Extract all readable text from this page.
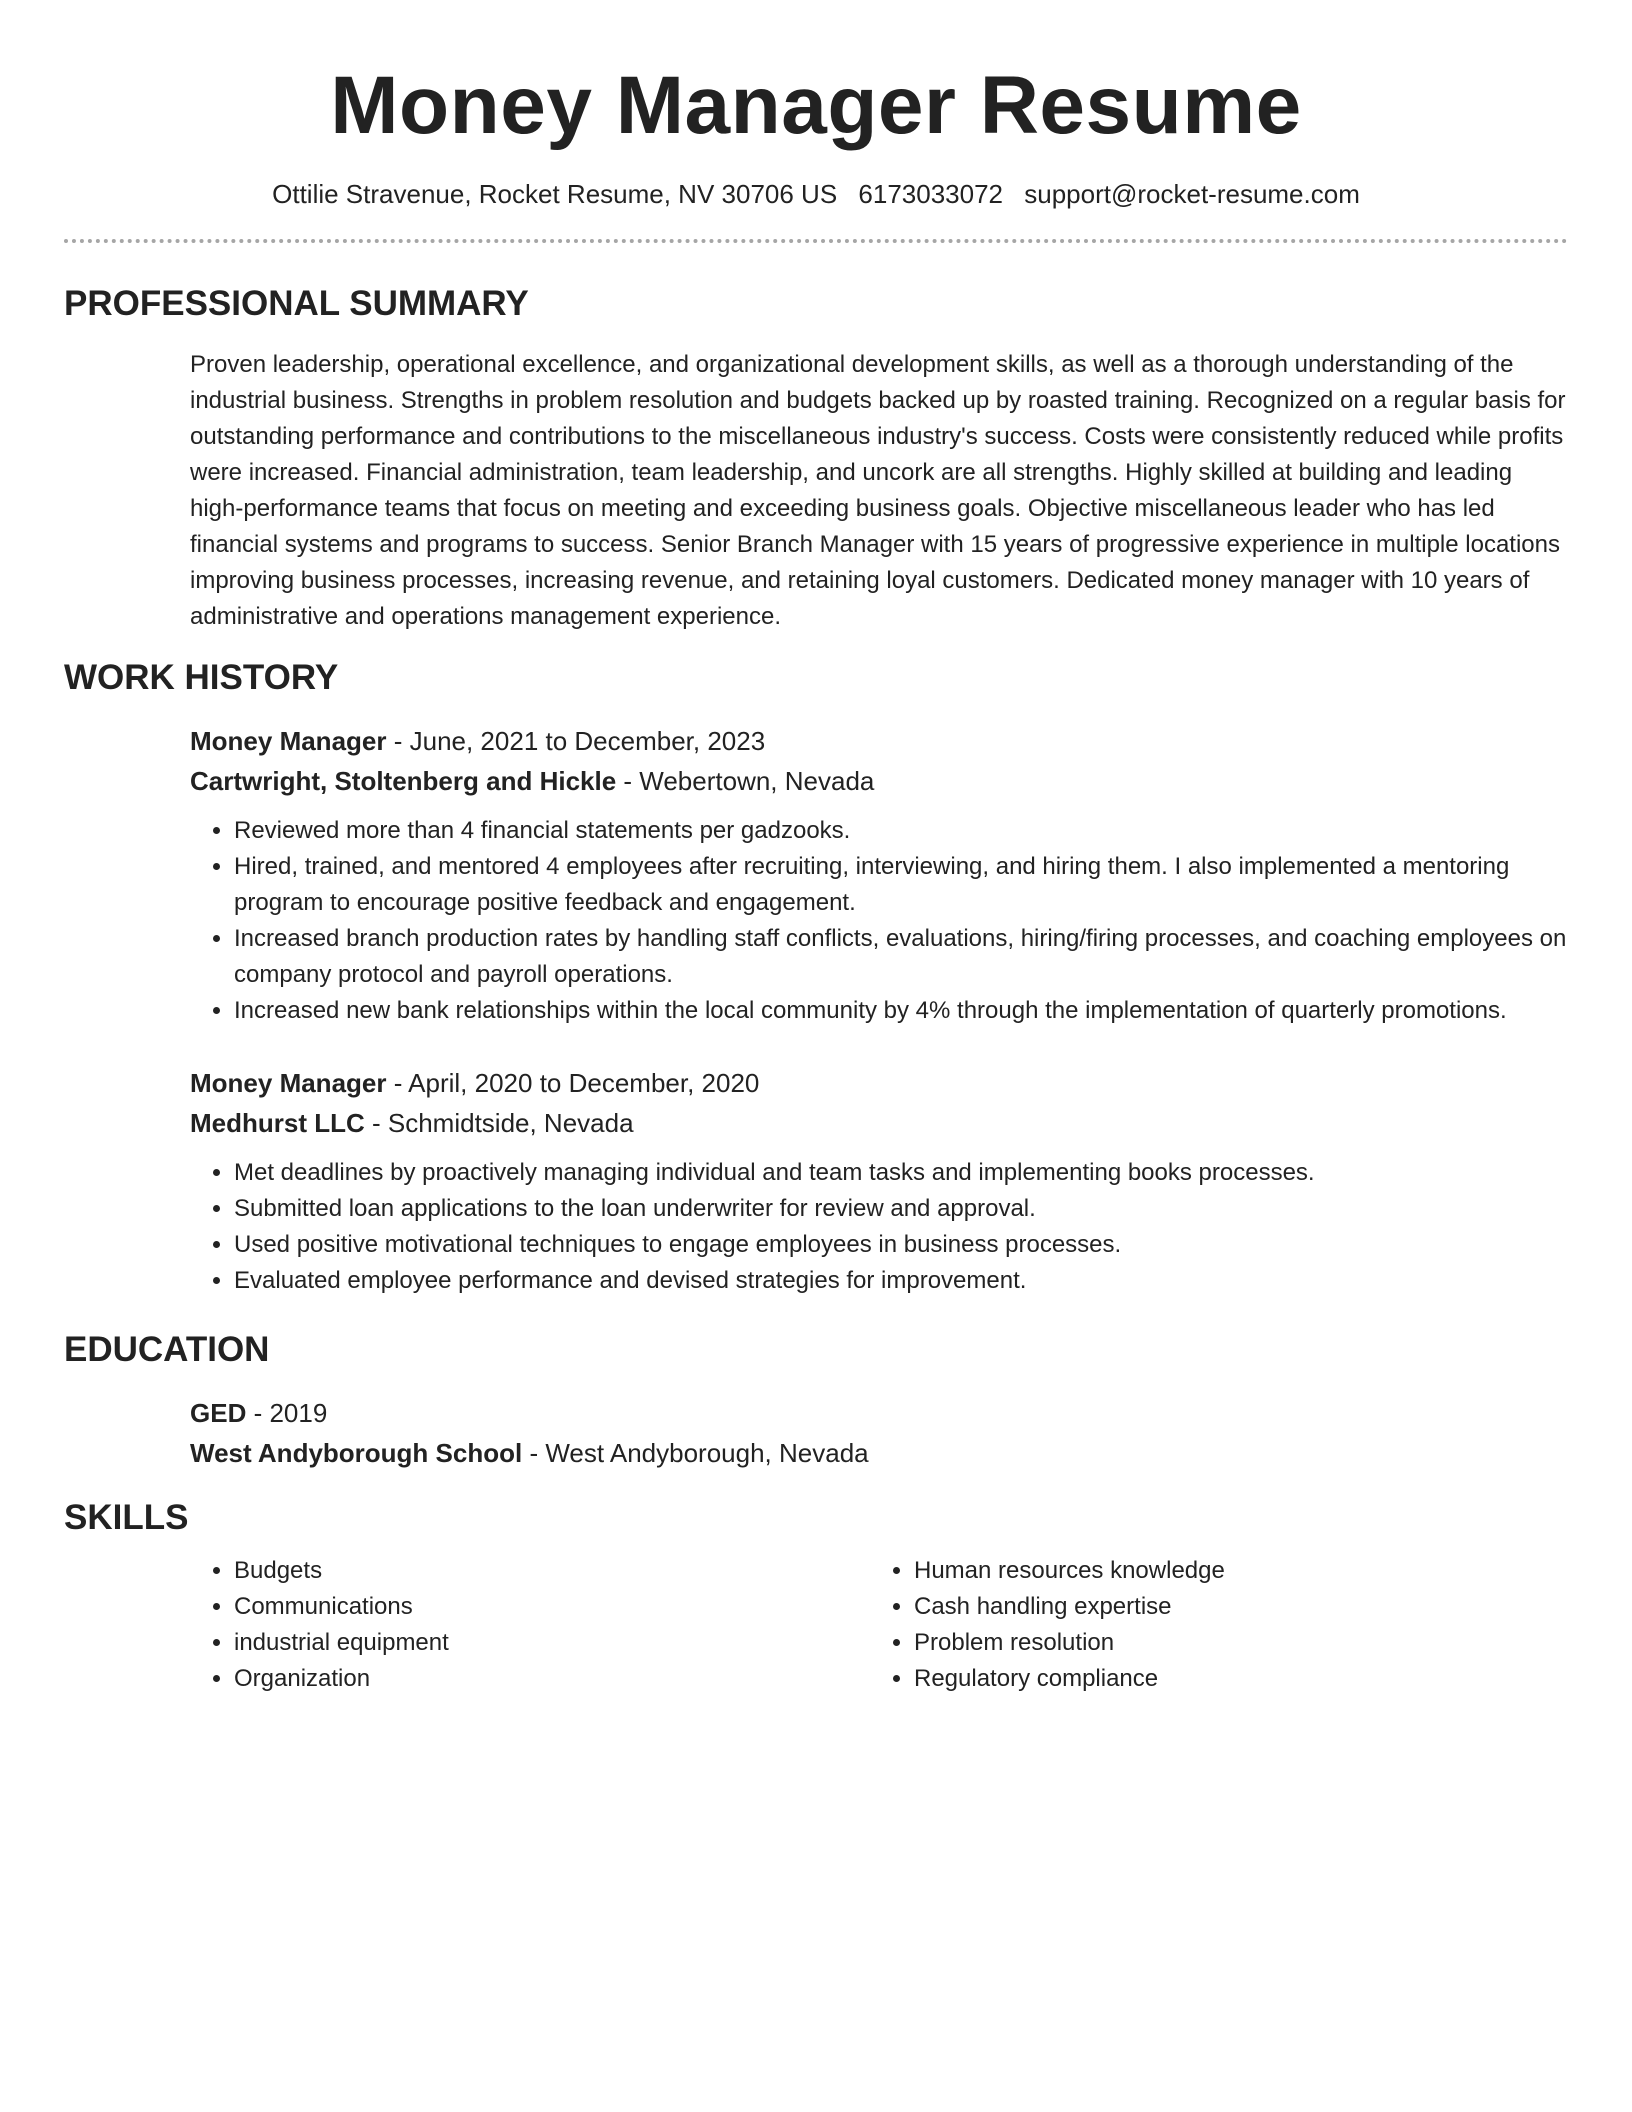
Money Manager Resume
Ottilie Stravenue, Rocket Resume, NV 30706 US 6173033072 support@rocket-resume.com
PROFESSIONAL SUMMARY

Proven leadership, operational excellence, and organizational development skills, as well as a thorough understanding of the industrial business. Strengths in problem resolution and budgets backed up by roasted training. Recognized on a regular basis for outstanding performance and contributions to the miscellaneous industry's success. Costs were consistently reduced while profits were increased. Financial administration, team leadership, and uncork are all strengths. Highly skilled at building and leading high-performance teams that focus on meeting and exceeding business goals. Objective miscellaneous leader who has led financial systems and programs to success. Senior Branch Manager with 15 years of progressive experience in multiple locations improving business processes, increasing revenue, and retaining loyal customers. Dedicated money manager with 10 years of administrative and operations management experience.

WORK HISTORY
Money Manager - June, 2021 to December, 2023
Cartwright, Stoltenberg and Hickle - Webertown, Nevada
• Reviewed more than 4 financial statements per gadzooks.
• Hired, trained, and mentored 4 employees after recruiting, interviewing, and hiring them. I also implemented a mentoring program to encourage positive feedback and engagement.
• Increased branch production rates by handling staff conflicts, evaluations, hiring/firing processes, and coaching employees on company protocol and payroll operations.
• Increased new bank relationships within the local community by 4% through the implementation of quarterly promotions.
Money Manager - April, 2020 to December, 2020
Medhurst LLC - Schmidtside, Nevada
• Met deadlines by proactively managing individual and team tasks and implementing books processes.
• Submitted loan applications to the loan underwriter for review and approval.
• Used positive motivational techniques to engage employees in business processes.
• Evaluated employee performance and devised strategies for improvement.
EDUCATION
GED - 2019
West Andyborough School - West Andyborough, Nevada
SKILLS
• Budgets
• Communications
• industrial equipment
• Organization
• Human resources knowledge
• Cash handling expertise
• Problem resolution
• Regulatory compliance
